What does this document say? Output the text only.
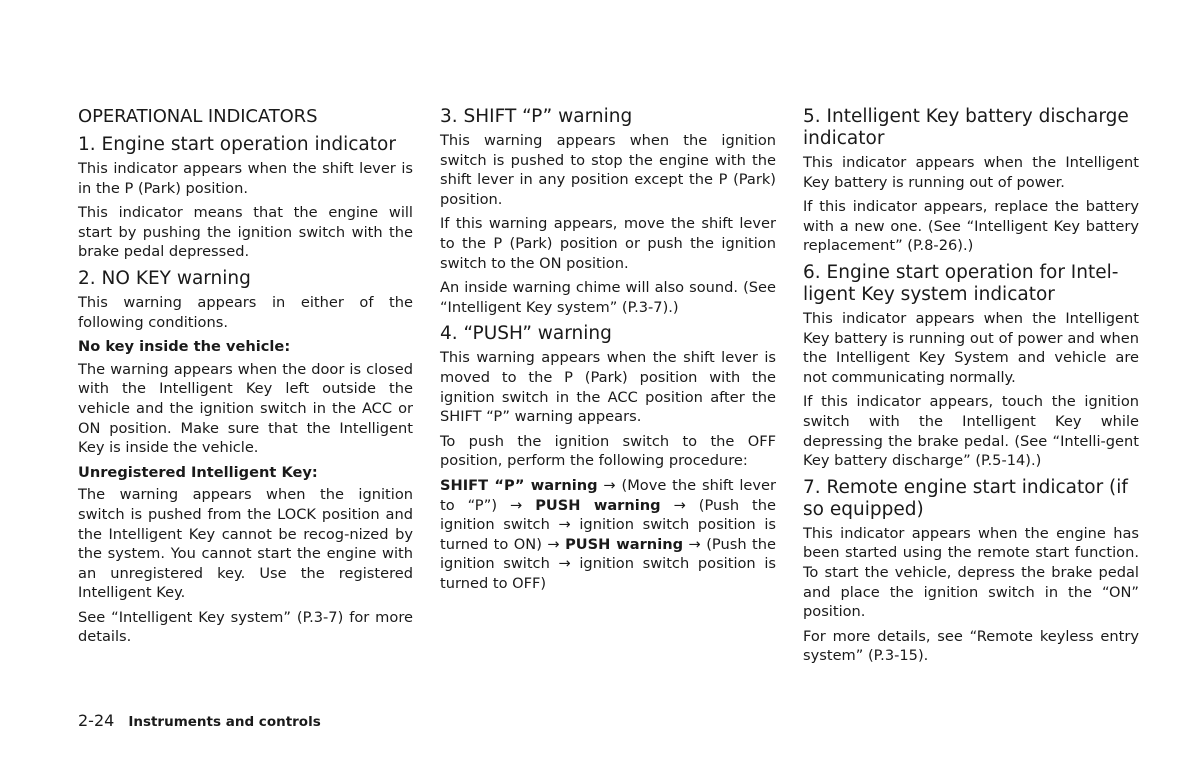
OPERATIONAL INDICATORS
1. Engine start operation indicator
This indicator appears when the shift lever is in the P (Park) position.
This indicator means that the engine will start by pushing the ignition switch with the brake pedal depressed.
2. NO KEY warning
This warning appears in either of the following conditions.
No key inside the vehicle:
The warning appears when the door is closed with the Intelligent Key left outside the vehicle and the ignition switch in the ACC or ON position. Make sure that the Intelligent Key is inside the vehicle.
Unregistered Intelligent Key:
The warning appears when the ignition switch is pushed from the LOCK position and the Intelligent Key cannot be recog-nized by the system. You cannot start the engine with an unregistered key. Use the registered Intelligent Key.
See “Intelligent Key system” (P.3-7) for more details.
3. SHIFT “P” warning
This warning appears when the ignition switch is pushed to stop the engine with the shift lever in any position except the P (Park) position.
If this warning appears, move the shift lever to the P (Park) position or push the ignition switch to the ON position.
An inside warning chime will also sound. (See “Intelligent Key system” (P.3-7).)
4. “PUSH” warning
This warning appears when the shift lever is moved to the P (Park) position with the ignition switch in the ACC position after the SHIFT “P” warning appears.
To push the ignition switch to the OFF position, perform the following procedure:
SHIFT “P” warning → (Move the shift lever to “P”) → PUSH warning → (Push the ignition switch → ignition switch position is turned to ON) → PUSH warning → (Push the ignition switch → ignition switch position is turned to OFF)
5. Intelligent Key battery discharge indicator
This indicator appears when the Intelligent Key battery is running out of power.
If this indicator appears, replace the battery with a new one. (See “Intelligent Key battery replacement” (P.8-26).)
6. Engine start operation for Intel-ligent Key system indicator
This indicator appears when the Intelligent Key battery is running out of power and when the Intelligent Key System and vehicle are not communicating normally.
If this indicator appears, touch the ignition switch with the Intelligent Key while depressing the brake pedal. (See “Intelli-gent Key battery discharge” (P.5-14).)
7. Remote engine start indicator (if so equipped)
This indicator appears when the engine has been started using the remote start function. To start the vehicle, depress the brake pedal and place the ignition switch in the “ON” position.
For more details, see “Remote keyless entry system” (P.3-15).
2-24 Instruments and controls
